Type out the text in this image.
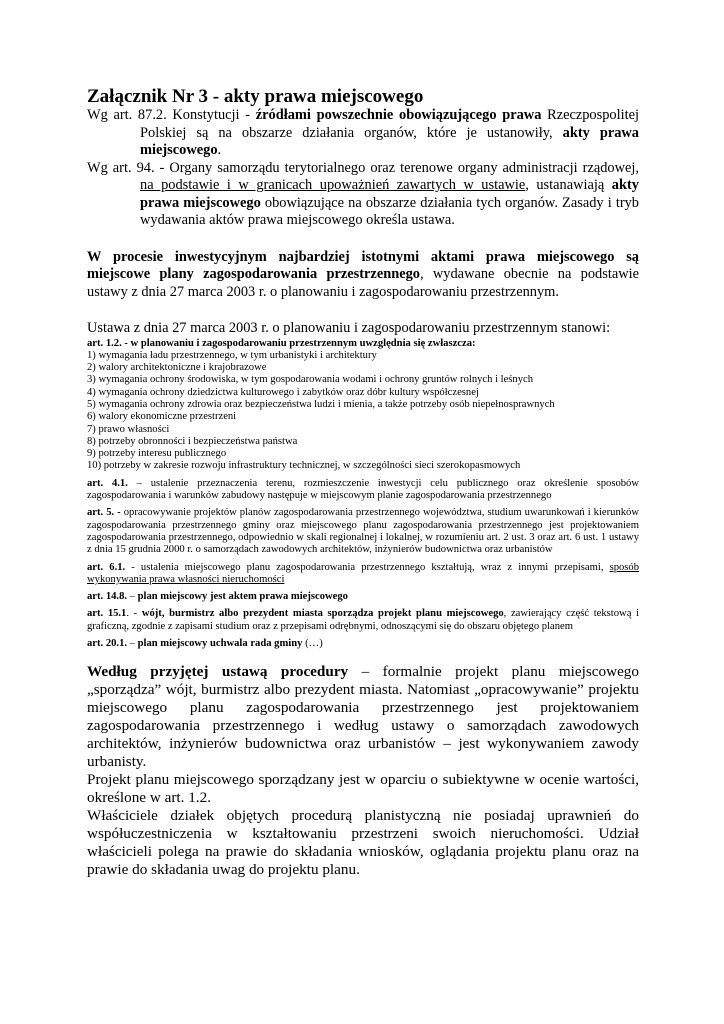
Załącznik Nr 3 - akty prawa miejscowego

Wg art. 87.2. Konstytucji - źródłami powszechnie obowiązującego prawa Rzeczpospolitej Polskiej są na obszarze działania organów, które je ustanowiły, akty prawa miejscowego.

Wg art. 94. - Organy samorządu terytorialnego oraz terenowe organy administracji rządowej, na podstawie i w granicach upoważnień zawartych w ustawie, ustanawiają akty prawa miejscowego obowiązujące na obszarze działania tych organów. Zasady i tryb wydawania aktów prawa miejscowego określa ustawa.

W procesie inwestycyjnym najbardziej istotnymi aktami prawa miejscowego są miejscowe plany zagospodarowania przestrzennego, wydawane obecnie na podstawie ustawy z dnia 27 marca 2003 r. o planowaniu i zagospodarowaniu przestrzennym.

Ustawa z dnia 27 marca 2003 r. o planowaniu i zagospodarowaniu przestrzennym stanowi:

art. 1.2. - w planowaniu i zagospodarowaniu przestrzennym uwzględnia się zwłaszcza:

1) wymagania ładu przestrzennego, w tym urbanistyki i architektury
2) walory architektoniczne i krajobrazowe
3) wymagania ochrony środowiska, w tym gospodarowania wodami i ochrony gruntów rolnych i leśnych
4) wymagania ochrony dziedzictwa kulturowego i zabytków oraz dóbr kultury współczesnej
5) wymagania ochrony zdrowia oraz bezpieczeństwa ludzi i mienia, a także potrzeby osób niepełnosprawnych
6) walory ekonomiczne przestrzeni
7) prawo własności
8) potrzeby obronności i bezpieczeństwa państwa
9) potrzeby interesu publicznego
10) potrzeby w zakresie rozwoju infrastruktury technicznej, w szczególności sieci szerokopasmowych

art. 4.1. – ustalenie przeznaczenia terenu, rozmieszczenie inwestycji celu publicznego oraz określenie sposobów zagospodarowania i warunków zabudowy następuje w miejscowym planie zagospodarowania przestrzennego

art. 5. - opracowywanie projektów planów zagospodarowania przestrzennego województwa, studium uwarunkowań i kierunków zagospodarowania przestrzennego gminy oraz miejscowego planu zagospodarowania przestrzennego jest projektowaniem zagospodarowania przestrzennego, odpowiednio w skali regionalnej i lokalnej, w rozumieniu art. 2 ust. 3 oraz art. 6 ust. 1 ustawy z dnia 15 grudnia 2000 r. o samorządach zawodowych architektów, inżynierów budownictwa oraz urbanistów

art. 6.1. - ustalenia miejscowego planu zagospodarowania przestrzennego kształtują, wraz z innymi przepisami, sposób wykonywania prawa własności nieruchomości

art. 14.8. – plan miejscowy jest aktem prawa miejscowego

art. 15.1. - wójt, burmistrz albo prezydent miasta sporządza projekt planu miejscowego, zawierający część tekstową i graficzną, zgodnie z zapisami studium oraz z przepisami odrębnymi, odnoszącymi się do obszaru objętego planem

art. 20.1. – plan miejscowy uchwala rada gminy (…)

Według przyjętej ustawą procedury – formalnie projekt planu miejscowego „sporządza” wójt, burmistrz albo prezydent miasta. Natomiast „opracowywanie” projektu miejscowego planu zagospodarowania przestrzennego jest projektowaniem zagospodarowania przestrzennego i według ustawy o samorządach zawodowych architektów, inżynierów budownictwa oraz urbanistów – jest wykonywaniem zawody urbanisty.

Projekt planu miejscowego sporządzany jest w oparciu o subiektywne w ocenie wartości, określone w art. 1.2.

Właściciele działek objętych procedurą planistyczną nie posiadaj uprawnień do współuczestniczenia w kształtowaniu przestrzeni swoich nieruchomości. Udział właścicieli polega na prawie do składania wniosków, oglądania projektu planu oraz na prawie do składania uwag do projektu planu.
